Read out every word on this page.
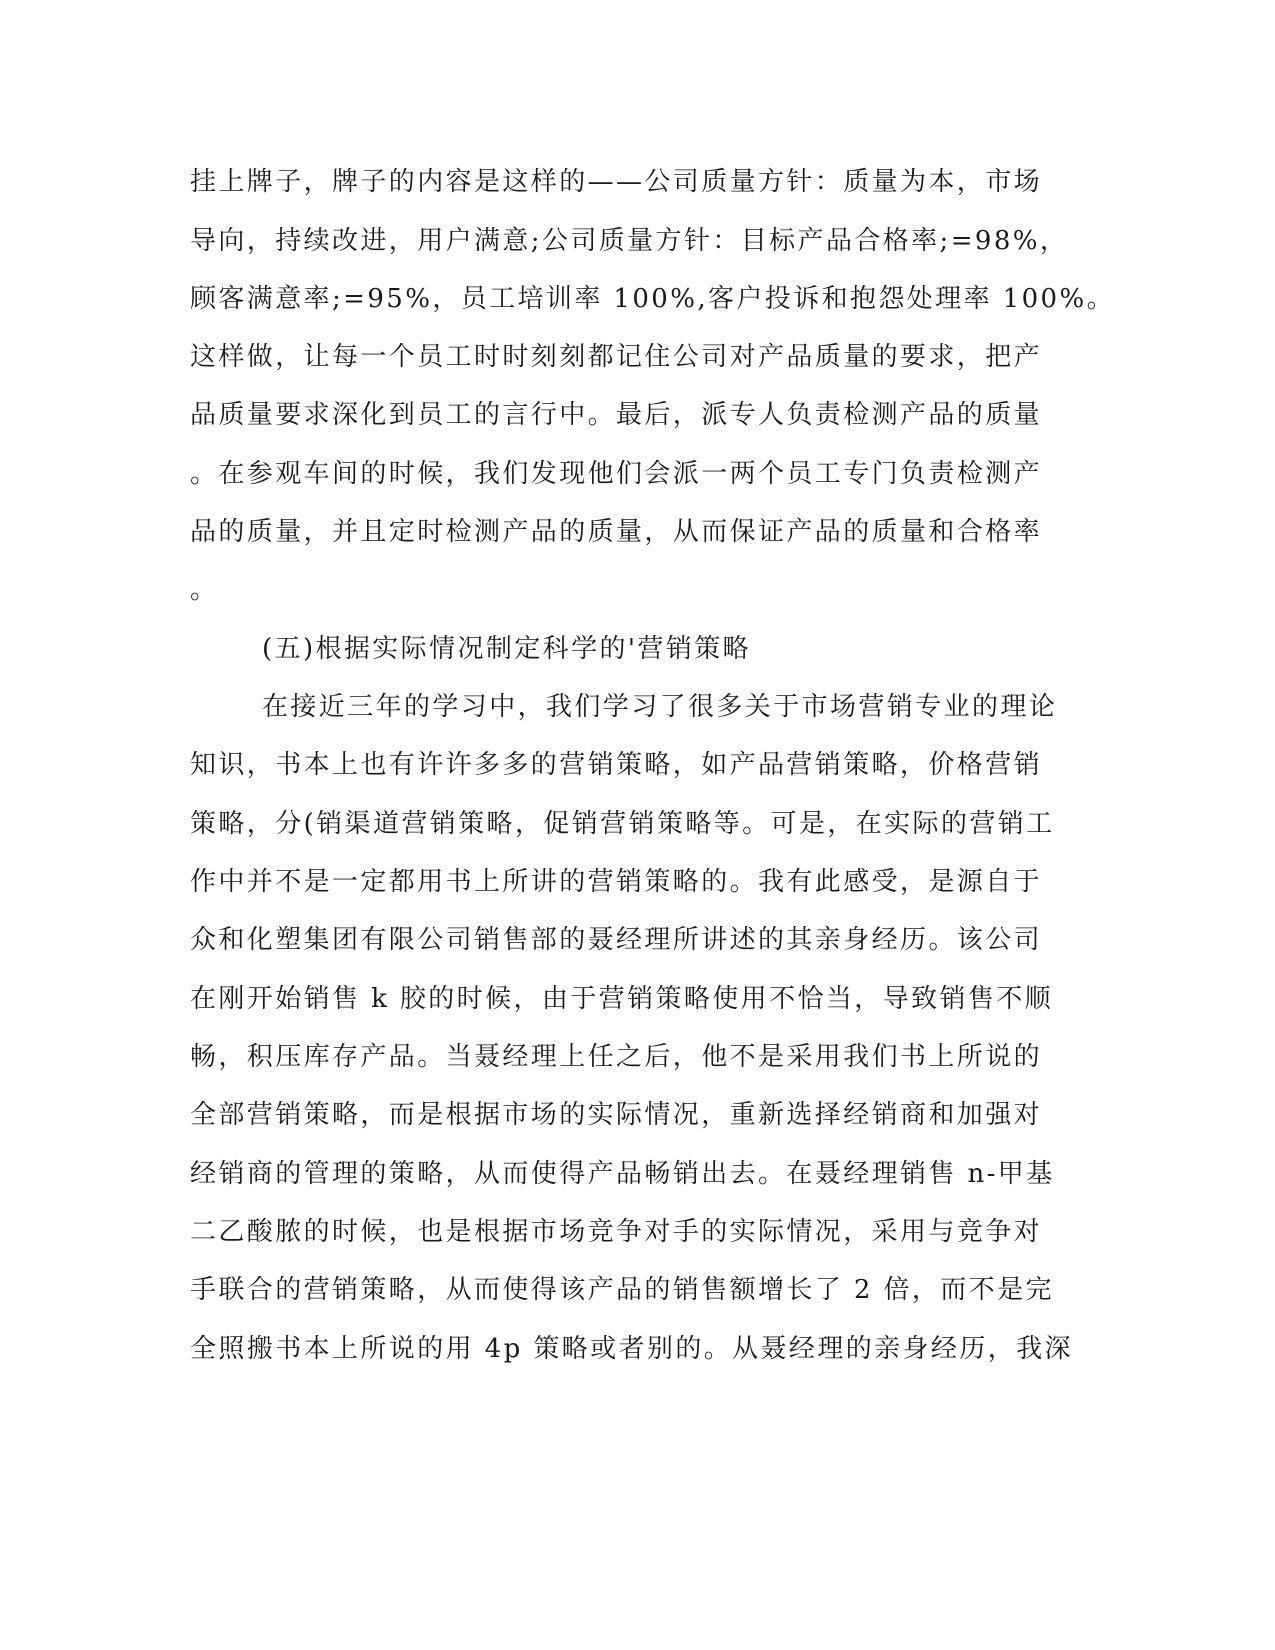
挂上牌子，牌子的内容是这样的——公司质量方针：质量为本，市场
导向，持续改进，用户满意;公司质量方针：目标产品合格率;=98%，
顾客满意率;=95%，员工培训率 100%,客户投诉和抱怨处理率 100%。
这样做，让每一个员工时时刻刻都记住公司对产品质量的要求，把产
品质量要求深化到员工的言行中。最后，派专人负责检测产品的质量
。在参观车间的时候，我们发现他们会派一两个员工专门负责检测产
品的质量，并且定时检测产品的质量，从而保证产品的质量和合格率
。
(五)根据实际情况制定科学的'营销策略
在接近三年的学习中，我们学习了很多关于市场营销专业的理论
知识，书本上也有许许多多的营销策略，如产品营销策略，价格营销
策略，分(销渠道营销策略，促销营销策略等。可是，在实际的营销工
作中并不是一定都用书上所讲的营销策略的。我有此感受，是源自于
众和化塑集团有限公司销售部的聂经理所讲述的其亲身经历。该公司
在刚开始销售 k 胶的时候，由于营销策略使用不恰当，导致销售不顺
畅，积压库存产品。当聂经理上任之后，他不是采用我们书上所说的
全部营销策略，而是根据市场的实际情况，重新选择经销商和加强对
经销商的管理的策略，从而使得产品畅销出去。在聂经理销售 n-甲基
二乙酸脓的时候，也是根据市场竞争对手的实际情况，采用与竞争对
手联合的营销策略，从而使得该产品的销售额增长了 2 倍，而不是完
全照搬书本上所说的用 4p 策略或者别的。从聂经理的亲身经历，我深
